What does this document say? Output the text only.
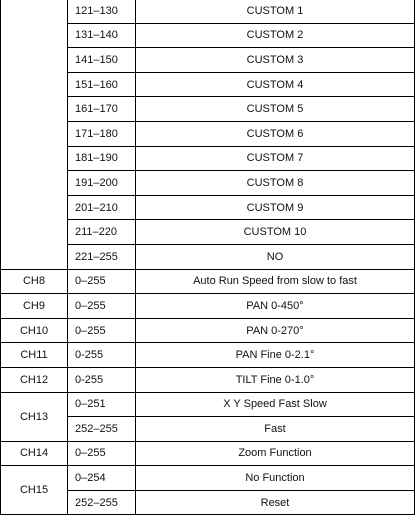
	121–130	CUSTOM 1
	131–140	CUSTOM 2
	141–150	CUSTOM 3
	151–160	CUSTOM 4
	161–170	CUSTOM 5
	171–180	CUSTOM 6
	181–190	CUSTOM 7
	191–200	CUSTOM 8
	201–210	CUSTOM 9
	211–220	CUSTOM 10
	221–255	NO
CH8	0–255	Auto Run Speed from slow to fast
CH9	0–255	PAN 0-450°
CH10	0–255	PAN 0-270°
CH11	0-255	PAN Fine 0-2.1°
CH12	0-255	TILT Fine 0-1.0°
CH13	0–251	X Y Speed Fast Slow
	252–255	Fast
CH14	0–255	Zoom Function
CH15	0–254	No Function
	252–255	Reset
